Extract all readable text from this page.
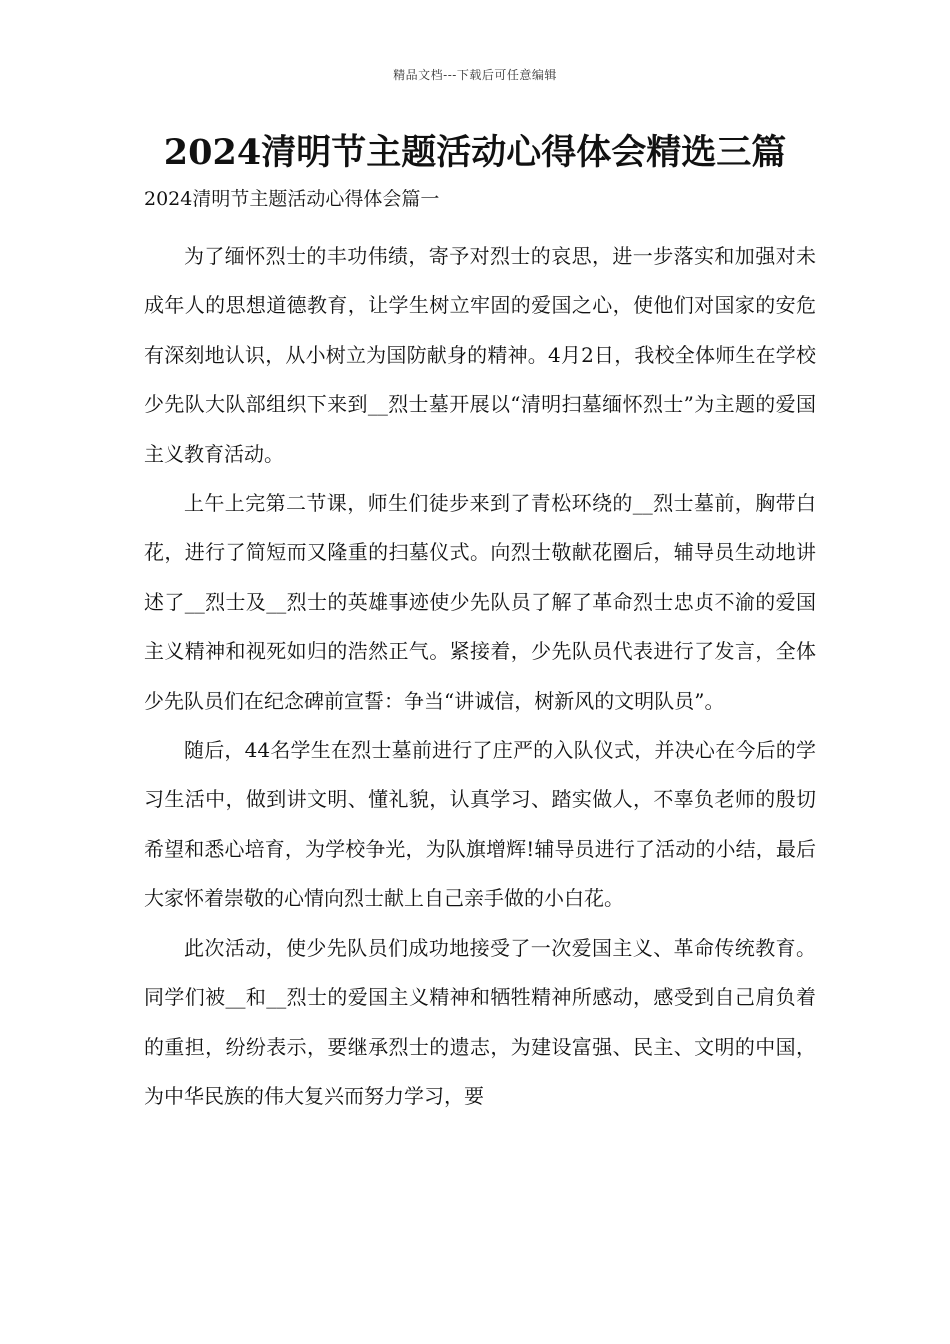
精品文档---下载后可任意编辑
2024清明节主题活动心得体会精选三篇

2024清明节主题活动心得体会篇一

为了缅怀烈士的丰功伟绩，寄予对烈士的哀思，进一步落实和加强对未成年人的思想道德教育，让学生树立牢固的爱国之心，使他们对国家的安危有深刻地认识，从小树立为国防献身的精神。4月2日，我校全体师生在学校少先队大队部组织下来到__烈士墓开展以“清明扫墓缅怀烈士”为主题的爱国主义教育活动。

上午上完第二节课，师生们徒步来到了青松环绕的__烈士墓前，胸带白花，进行了简短而又隆重的扫墓仪式。向烈士敬献花圈后，辅导员生动地讲述了__烈士及__烈士的英雄事迹使少先队员了解了革命烈士忠贞不渝的爱国主义精神和视死如归的浩然正气。紧接着，少先队员代表进行了发言，全体少先队员们在纪念碑前宣誓：争当“讲诚信，树新风的文明队员”。

随后，44名学生在烈士墓前进行了庄严的入队仪式，并决心在今后的学习生活中，做到讲文明、懂礼貌，认真学习、踏实做人，不辜负老师的殷切希望和悉心培育，为学校争光，为队旗增辉!辅导员进行了活动的小结，最后大家怀着崇敬的心情向烈士献上自己亲手做的小白花。

此次活动，使少先队员们成功地接受了一次爱国主义、革命传统教育。同学们被__和__烈士的爱国主义精神和牺牲精神所感动，感受到自己肩负着的重担，纷纷表示，要继承烈士的遗志，为建设富强、民主、文明的中国，为中华民族的伟大复兴而努力学习，要
